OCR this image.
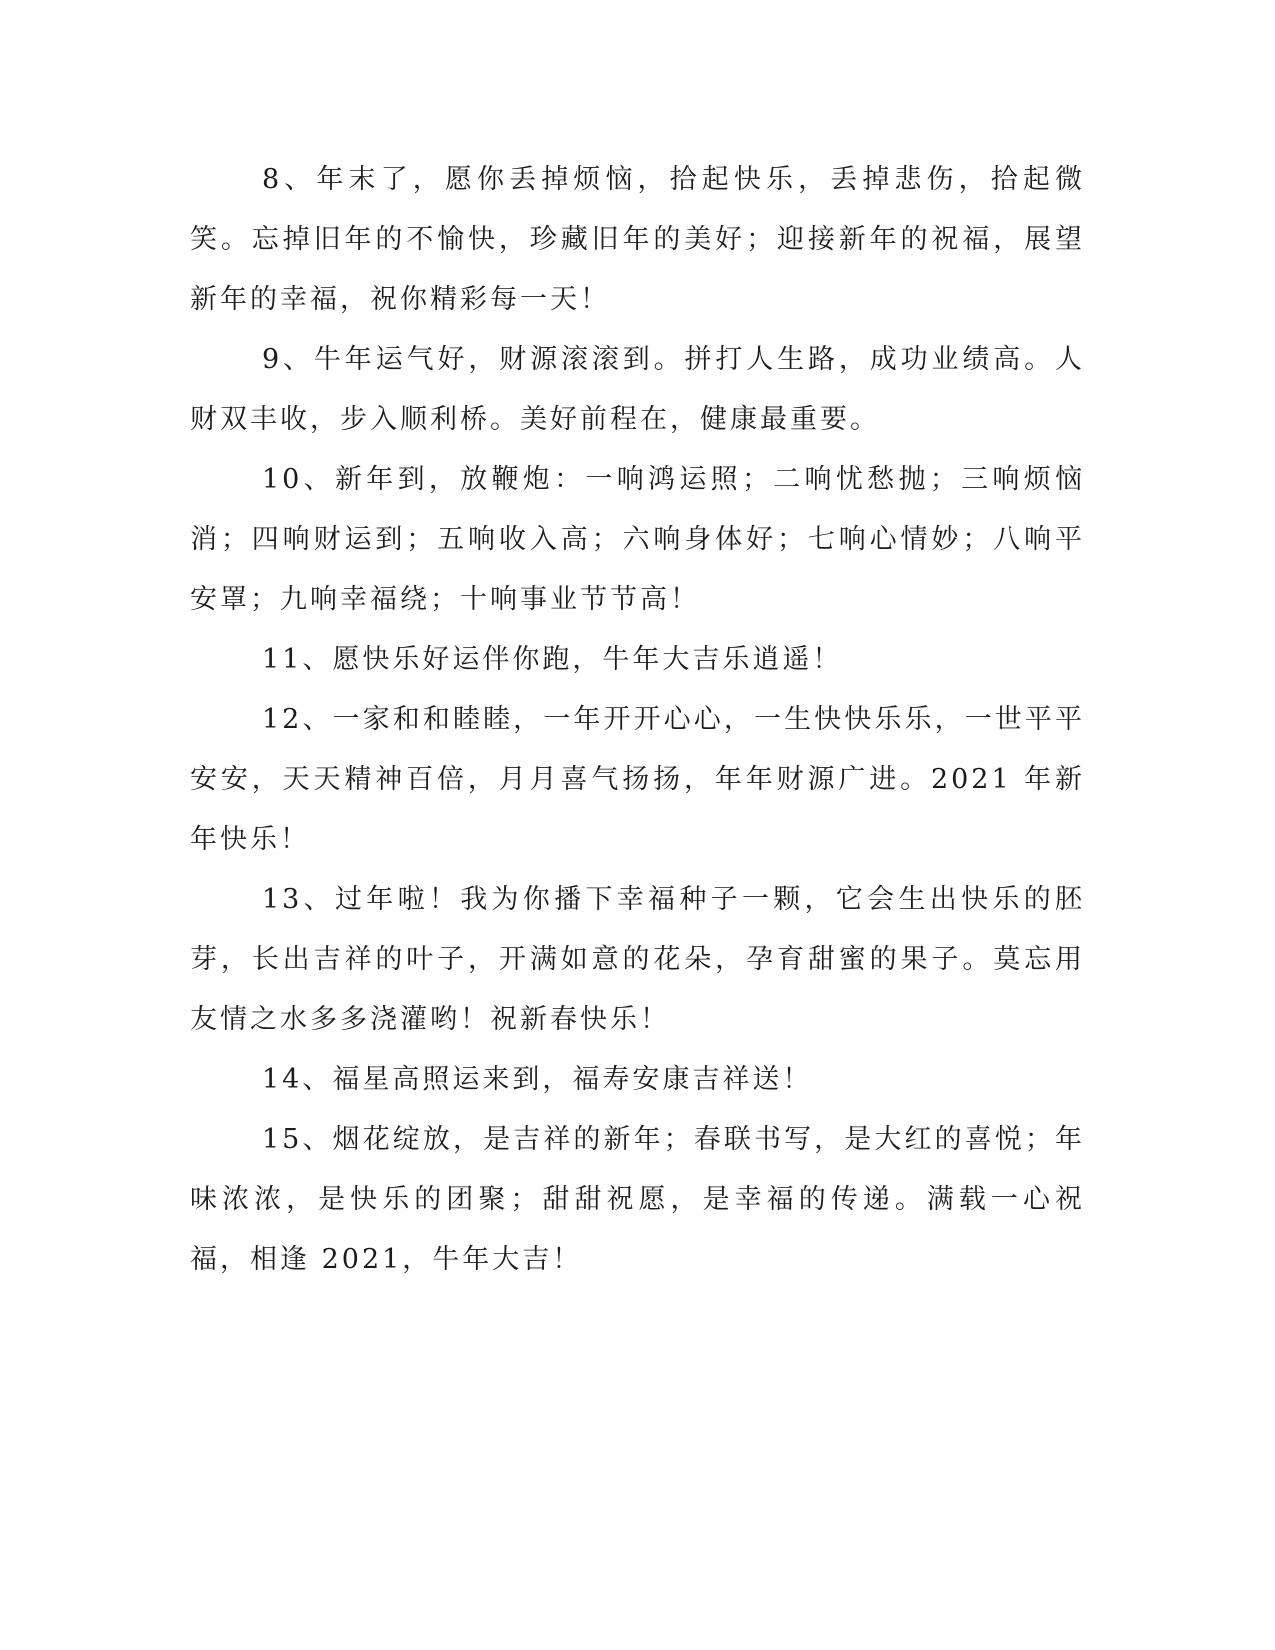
8、年末了，愿你丢掉烦恼，拾起快乐，丢掉悲伤，拾起微笑。忘掉旧年的不愉快，珍藏旧年的美好；迎接新年的祝福，展望新年的幸福，祝你精彩每一天！

9、牛年运气好，财源滚滚到。拼打人生路，成功业绩高。人财双丰收，步入顺利桥。美好前程在，健康最重要。

10、新年到，放鞭炮：一响鸿运照；二响忧愁抛；三响烦恼消；四响财运到；五响收入高；六响身体好；七响心情妙；八响平安罩；九响幸福绕；十响事业节节高！

11、愿快乐好运伴你跑，牛年大吉乐逍遥！

12、一家和和睦睦，一年开开心心，一生快快乐乐，一世平平安安，天天精神百倍，月月喜气扬扬，年年财源广进。2021 年新年快乐！

13、过年啦！我为你播下幸福种子一颗，它会生出快乐的胚芽，长出吉祥的叶子，开满如意的花朵，孕育甜蜜的果子。莫忘用友情之水多多浇灌哟！祝新春快乐！

14、福星高照运来到，福寿安康吉祥送！

15、烟花绽放，是吉祥的新年；春联书写，是大红的喜悦；年味浓浓，是快乐的团聚；甜甜祝愿，是幸福的传递。满载一心祝福，相逢 2021，牛年大吉！
